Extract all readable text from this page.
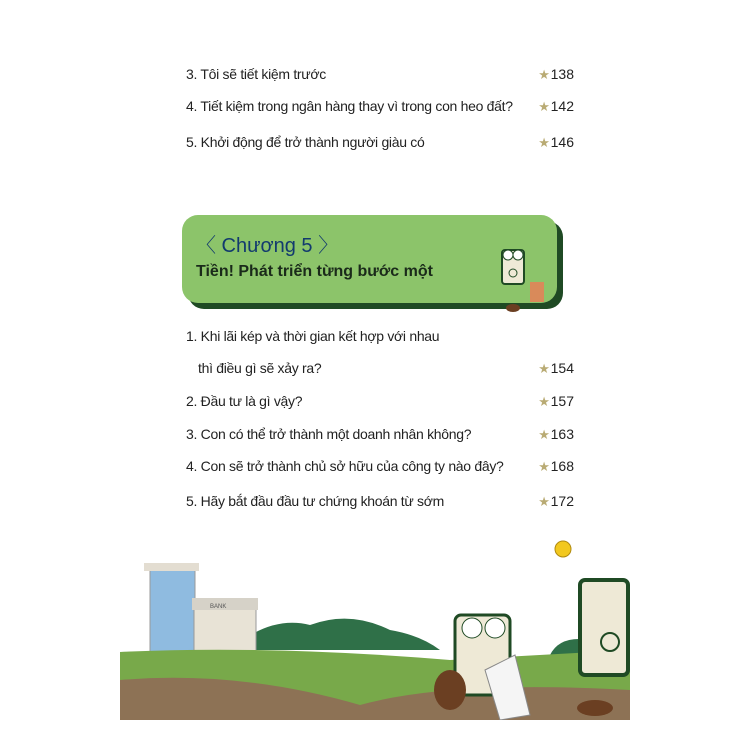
3. Tôi sẽ tiết kiệm trước	★ 138
4. Tiết kiệm trong ngân hàng thay vì trong con heo đất? ★ 142
5. Khởi động để trở thành người giàu có	★ 146
〈 Chương 5 〉
Tiền! Phát triển từng bước một
1. Khi lãi kép và thời gian kết hợp với nhau
thì điều gì sẽ xảy ra?	★ 154
2. Đầu tư là gì vậy?	★ 157
3. Con có thể trở thành một doanh nhân không?	★ 163
4. Con sẽ trở thành chủ sở hữu của công ty nào đây?	★ 168
5. Hãy bắt đầu đầu tư chứng khoán từ sớm	★ 172
BANK
